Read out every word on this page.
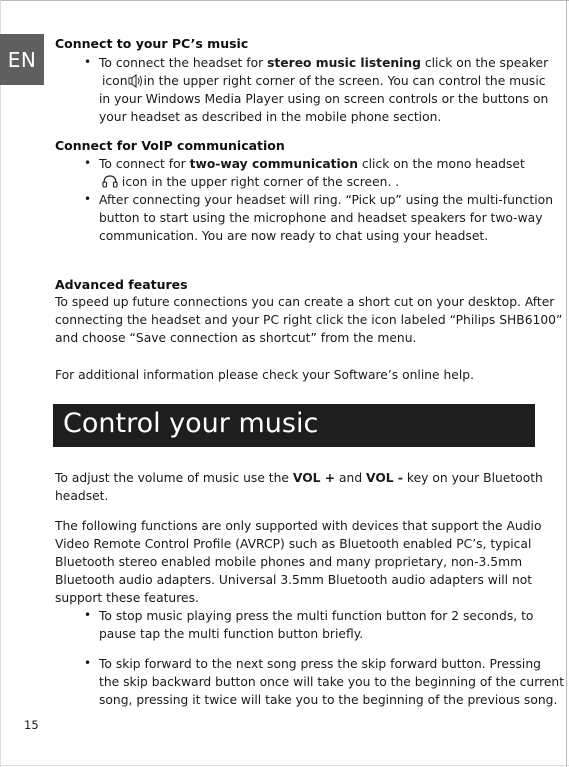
EN
Connect to your PC’s music
• To connect the headset for stereo music listening click on the speaker
icon in the upper right corner of the screen. You can control the music
in your Windows Media Player using on screen controls or the buttons on
your headset as described in the mobile phone section.
Connect for VoIP communication
• To connect for two-way communication click on the mono headset
icon in the upper right corner of the screen. .
• After connecting your headset will ring. “Pick up” using the multi-function
button to start using the microphone and headset speakers for two-way
communication. You are now ready to chat using your headset.
Advanced features
To speed up future connections you can create a short cut on your desktop. After
connecting the headset and your PC right click the icon labeled “Philips SHB6100”
and choose “Save connection as shortcut” from the menu.
For additional information please check your Software’s online help.
Control your music
To adjust the volume of music use the VOL + and VOL - key on your Bluetooth
headset.
The following functions are only supported with devices that support the Audio
Video Remote Control Profile (AVRCP) such as Bluetooth enabled PC’s, typical
Bluetooth stereo enabled mobile phones and many proprietary, non-3.5mm
Bluetooth audio adapters. Universal 3.5mm Bluetooth audio adapters will not
support these features.
• To stop music playing press the multi function button for 2 seconds, to
pause tap the multi function button briefly.
• To skip forward to the next song press the skip forward button. Pressing
the skip backward button once will take you to the beginning of the current
song, pressing it twice will take you to the beginning of the previous song.
15
